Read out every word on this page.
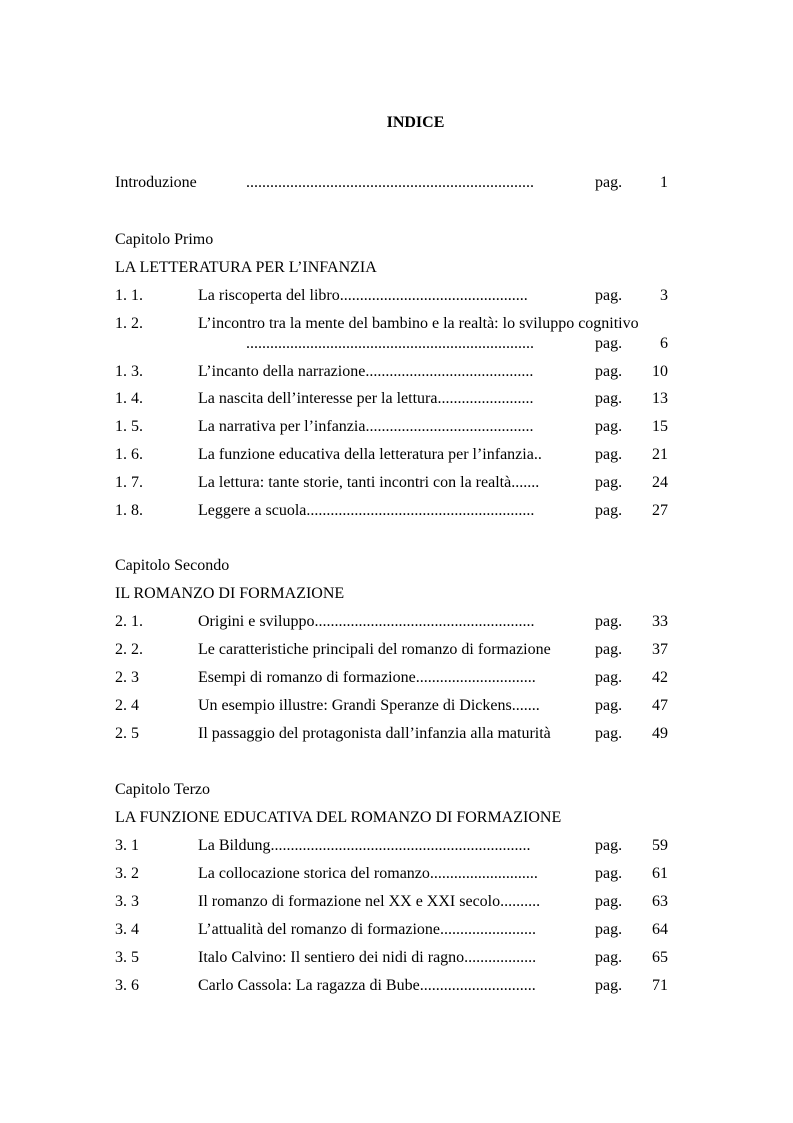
INDICE
Introduzione	........................................................................	pag.	1
Capitolo Primo
LA LETTERATURA PER L’INFANZIA
1. 1.	La riscoperta del libro...............................................	pag.	3
1. 2.	L’incontro tra la mente del bambino e la realtà: lo sviluppo cognitivo
........................................................................	pag.	6
1. 3.	L’incanto della narrazione..........................................	pag.	10
1. 4.	La nascita dell’interesse per la lettura........................	pag.	13
1. 5.	La narrativa per l’infanzia..........................................	pag.	15
1. 6.	La funzione educativa della letteratura per l’infanzia..	pag.	21
1. 7.	La lettura: tante storie, tanti incontri con la realtà.......	pag.	24
1. 8.	Leggere a scuola.........................................................	pag.	27
Capitolo Secondo
IL ROMANZO DI FORMAZIONE
2. 1.	Origini e sviluppo.......................................................	pag.	33
2. 2.	Le caratteristiche principali del romanzo di formazione	pag.	37
2. 3	Esempi di romanzo di formazione..............................	pag.	42
2. 4	Un esempio illustre: Grandi Speranze di Dickens.......	pag.	47
2. 5	Il passaggio del protagonista dall’infanzia alla maturità	pag.	49
Capitolo Terzo
LA FUNZIONE EDUCATIVA DEL ROMANZO DI FORMAZIONE
3. 1	La Bildung.................................................................	pag.	59
3. 2	La collocazione storica del romanzo...........................	pag.	61
3. 3	Il romanzo di formazione nel XX e XXI secolo..........	pag.	63
3. 4	L’attualità del romanzo di formazione........................	pag.	64
3. 5	Italo Calvino: Il sentiero dei nidi di ragno..................	pag.	65
3. 6	Carlo Cassola: La ragazza di Bube.............................	pag.	71
